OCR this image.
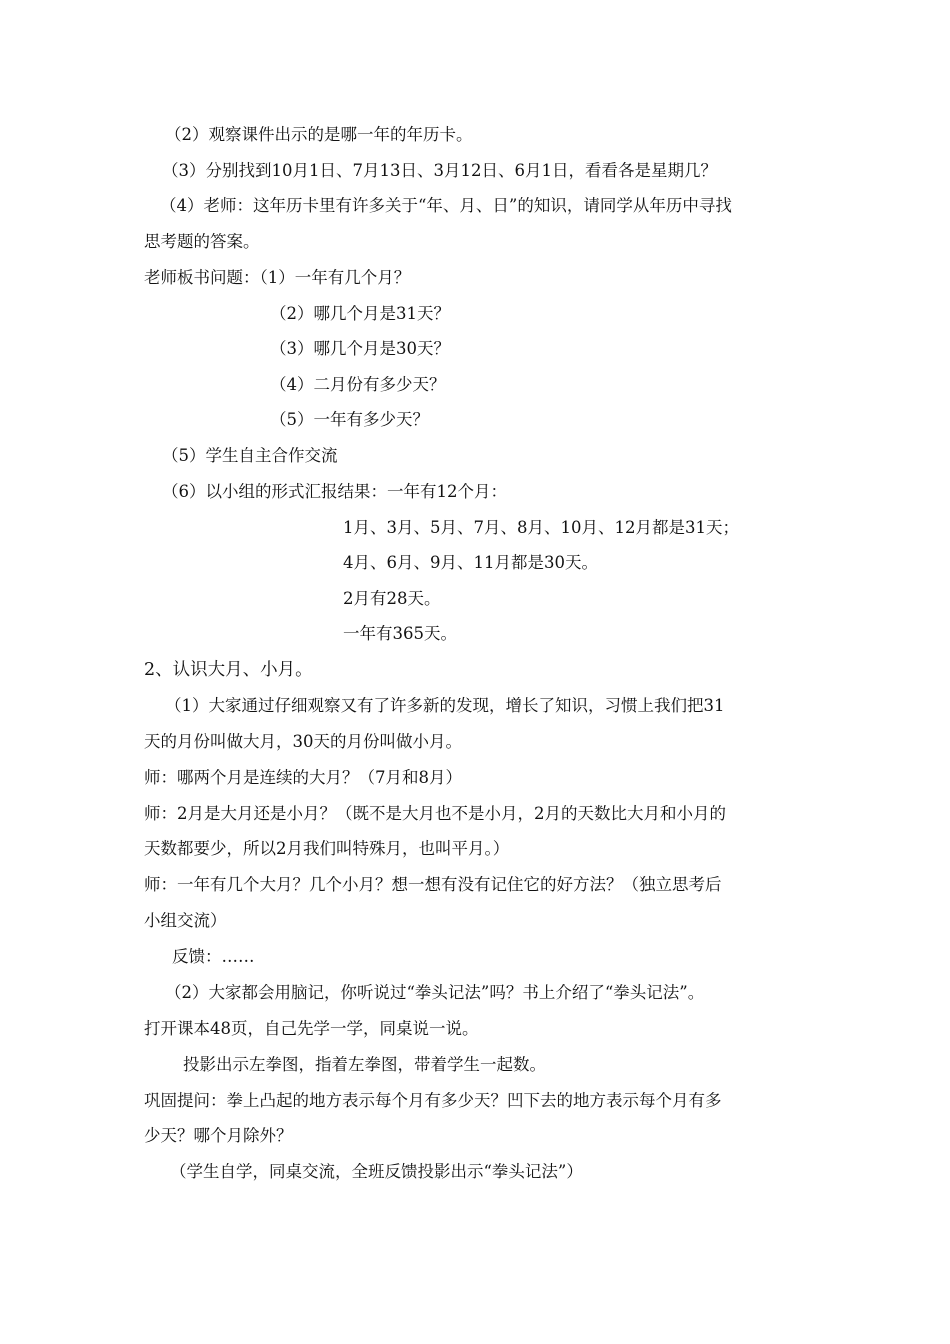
（2）观察课件出示的是哪一年的年历卡。
（3）分别找到10月1日、7月13日、3月12日、6月1日，看看各是星期几？
（4）老师：这年历卡里有许多关于“年、月、日”的知识，请同学从年历中寻找
思考题的答案。
老师板书问题：（1）一年有几个月？
（2）哪几个月是31天？
（3）哪几个月是30天？
（4）二月份有多少天？
（5）一年有多少天？
（5）学生自主合作交流
（6）以小组的形式汇报结果：一年有12个月：
1月、3月、5月、7月、8月、10月、12月都是31天；
4月、6月、9月、11月都是30天。
2月有28天。
一年有365天。
2、认识大月、小月。
（1）大家通过仔细观察又有了许多新的发现，增长了知识，习惯上我们把31
天的月份叫做大月，30天的月份叫做小月。
师：哪两个月是连续的大月？（7月和8月）
师：2月是大月还是小月？（既不是大月也不是小月，2月的天数比大月和小月的
天数都要少，所以2月我们叫特殊月，也叫平月。）
师：一年有几个大月？几个小月？想一想有没有记住它的好方法？（独立思考后
小组交流）
反馈：……
（2）大家都会用脑记，你听说过“拳头记法”吗？书上介绍了“拳头记法”。
打开课本48页，自己先学一学，同桌说一说。
投影出示左拳图，指着左拳图，带着学生一起数。
巩固提问：拳上凸起的地方表示每个月有多少天？凹下去的地方表示每个月有多
少天？哪个月除外？
（学生自学，同桌交流，全班反馈投影出示“拳头记法”）
